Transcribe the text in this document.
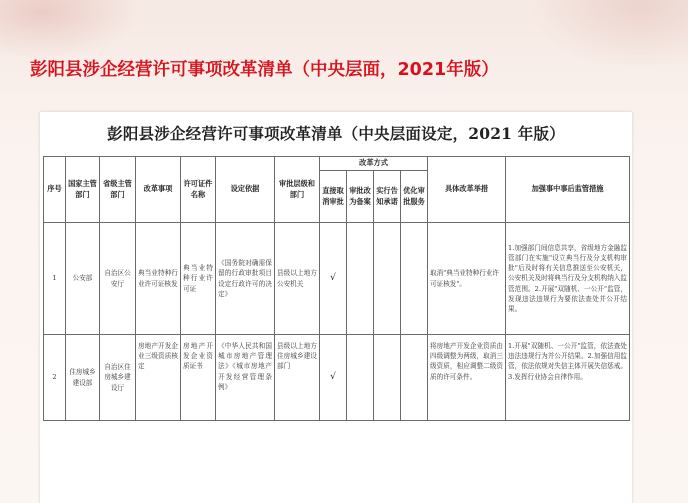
彭阳县涉企经营许可事项改革清单（中央层面，2021年版）
彭阳县涉企经营许可事项改革清单（中央层面设定，2021 年版）
序号	国家主管部门	省级主管部门	改革事项	许可证件名称	设定依据	审批层级和部门	改革方式				具体改革举措	加强事中事后监管措施
							直接取消审批	审批改为备案	实行告知承诺	优化审批服务		
1	公安部	自治区公安厅	典当业特种行业许可证核发	典当业特种行业许可证	《国务院对确需保留的行政审批项目设定行政许可的决定》	县级以上地方公安机关	√				取消"典当业特种行业许可证核发"。	1.加强部门间信息共享，省级地方金融监管部门在实施"设立典当行及分支机构审批"后及时将有关信息推送至公安机关，公安机关及时将典当行及分支机构纳入监管范围。2.开展"双随机、一公开"监管，发现违法违规行为要依法查处并公开结果。
2	住房城乡建设部	自治区住房城乡建设厅	房地产开发企业三级资质核定	房地产开发企业资质证书	《中华人民共和国城市房地产管理法》《城市房地产开发经营管理条例》	县级以上地方住房城乡建设部门	√				将房地产开发企业资质由四级调整为两级，取消三级资质，相应调整二级资质的许可条件。	1.开展"双随机、一公开"监管，依法查处违法违规行为并公开结果。2.加强信用监管，依法依规对失信主体开展失信惩戒。3.发挥行业协会自律作用。
